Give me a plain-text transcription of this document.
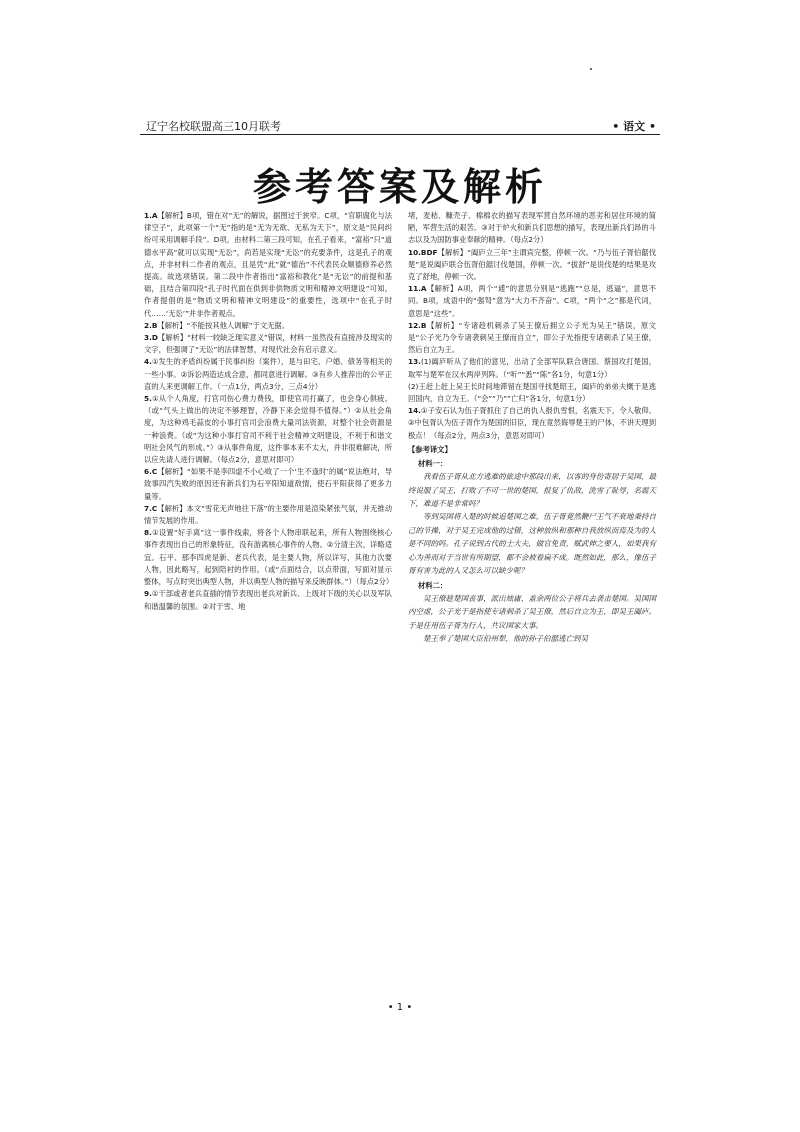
辽宁名校联盟高三10月联考	• 语文 •
参考答案及解析
1.A【解析】B项，错在对“无”的解说，据图过于狭窄。C项，“官职腐化与法律空子”，此项第一个“无”指的是“无为无欲、无私为天下”，原文是“民间纠纷可采用调解手段”。D项，由材料二第三段可知，在孔子看来，“富裕”只“道德水平高”就可以实现“无讼”，尚若是实现“无讼”的充要条件，这是孔子的观点，并非材料二作者的观点，且是凭“此”就“德治”不代表民众顺德修养必然提高。故选项错误。第二段中作者指出“富裕和教化”是“无讼”的前提和基础，且结合第四段“孔子时代面在供到非供物质文明和精神文明建设”可知，作者提倡的是“物质文明和精神文明建设”的重要性，选项中“在孔子时代……‘无讼’”并非作者观点。
2.B【解析】“不能按其他人调解”于文无据。
3.D【解析】“材料一较缺乏现实意义”错误，材料一虽然没有直接涉及现实的文字，但强调了“无讼”的法律智慧，对现代社会有启示意义。
4.①发生的矛盾纠纷属于民事纠纷（案件），是与田宅、户婚、债务等相关的一些小事。②诉讼两造达成合意，都同意进行调解。③有乡人推荐出的公平正直的人来更调解工作。（一点1分，两点3分，三点4分）
5.①从个人角度，打官司伤心费力费钱，即使官司打赢了，也会身心俱疲。（或“气头上做出的决定不够理智，冷静下来会觉得不值得。”）②从社会角度，为这种鸡毛蒜皮的小事打官司会浪费大量司法资源，对整个社会资源是一种浪费。（或“为这种小事打官司不利于社会精神文明建设，不利于和谐文明社会风气的形成。”）③从事件角度，这件事本来不太大，并非很难解决，所以应先请人进行调解。（每点2分，意思对即可）
6.C【解析】“如果不是李四虚不小心败了一个‘生不逢时’的属”说法绝对，导致事四汽失败的原因还有新兵们为石平阳知道敌情，使石平阳获得了更多力量等。
7.C【解析】本文“雪花无声地往下落”的主要作用是渲染紧张气氛，并无推动情节发展的作用。
8.①设置“好手离”这一事件线索，将各个人物串联起来，所有人物围绕核心事件表现出自己的形象特征，没有游离核心事件的人物。②分清主次，详略适宜。石平、那李四虎是新、老兵代表，是主要人物，所以详写，其他力次要人物，因此略写，起到陪衬的作用。（或“点面结合，以点带面，写面对显示整体，写点时突出典型人物，并以典型人物的描写来反映群体。”）（每点2分）
9.①干部或者老兵直插的情节表现出老兵对新兵、上级对下级的关心以及军队和谐温馨的氛围。②对于雪、地
堵，麦秸、糠壳子、棉棉衣的描写表现军营自然环境的恶劣和居住环境的简陋，军营生活的艰苦。③对于炉火和新兵们思想的描写，表现出新兵们昂的斗志以及为国防事业奉献的精神。（每点2分）
10.BDF【解析】“阖庐立三年”主谓宾完整，停顿一次。“乃与伍子胥伯嚭伐楚”是说阖庐联合伍胥伯嚭讨伐楚国，停顿一次。“拔舒”是说伐楚的结果是攻克了舒地，停顿一次。
11.A【解析】A项，两个“逋”的意思分别是“逃跑”“总是，逃逼”，意思不同。B项，成语中的“强弩”意为“大力不齐奋”。C项，“两个“之”都是代词，意思是“这些”。
12.B【解析】“专诸趁机刺杀了吴王僚后拥立公子光为吴王”错误，原文是“公子光乃令专诸袭刺吴王僚而自立”，即公子光指使专诸刺杀了吴王僚，然后自立为王。
13.(1)阖庐听从了他们的意见，出动了全部军队联合唐国、蔡国攻打楚国，取军与楚军在汉水两岸列阵。（“听”“悉”“陈”各1分，句意1分）
(2)王赶上赶上吴王长时间地滞留在楚国寻找楚昭王，阖庐的弟弟夫概于是逃回国内，自立为王。（“会”“乃”“亡归”各1分，句意1分）
14.①子安石认为伍子胥抓住了自己的仇人报仇雪恨，名震天下，令人敬仰。②中包胥认为伍子胥作为楚国的旧臣，现在竟然侮辱楚王的尸体，不讲天理到极点！（每点2分，两点3分，意思对即可）
【参考译文】
材料一：
我看伍子胥从北方逃难的旅途中那段出来，以客的身份寄居于吴国，最终说服了吴王，打败了不可一世的楚国，报复了仇敌，洗雪了耻辱，名震天下，难道不是非常吗？
等到吴国将入楚的时候追楚国之难，伍子胥竟然鞭尸王气不衰地秉持自己的节操，对于吴王完成他的过错，这种放纵和那种自我放纵而焉及为的人是不同的吗。孔子说到古代的士大夫，做官免责，赋武伸之要人，如果我有心为善而对于当世有所期望，都不会被看扁不成。既然如此，那么，像伍子胥有害为此的人又怎么可以缺少呢？
材料二：
吴王僚趁楚国丧事，派出烛庸、盖余两位公子将兵去袭击楚国。吴国国内空虚，公子光于是指使专诸刺杀了吴王僚，然后自立为王，即吴王阖庐。于是任用伍子胥为行人，共议国家大事。
楚王奉了楚国大臣伯州犁，他的孙子伯嚭逃亡到吴
• 1 •
